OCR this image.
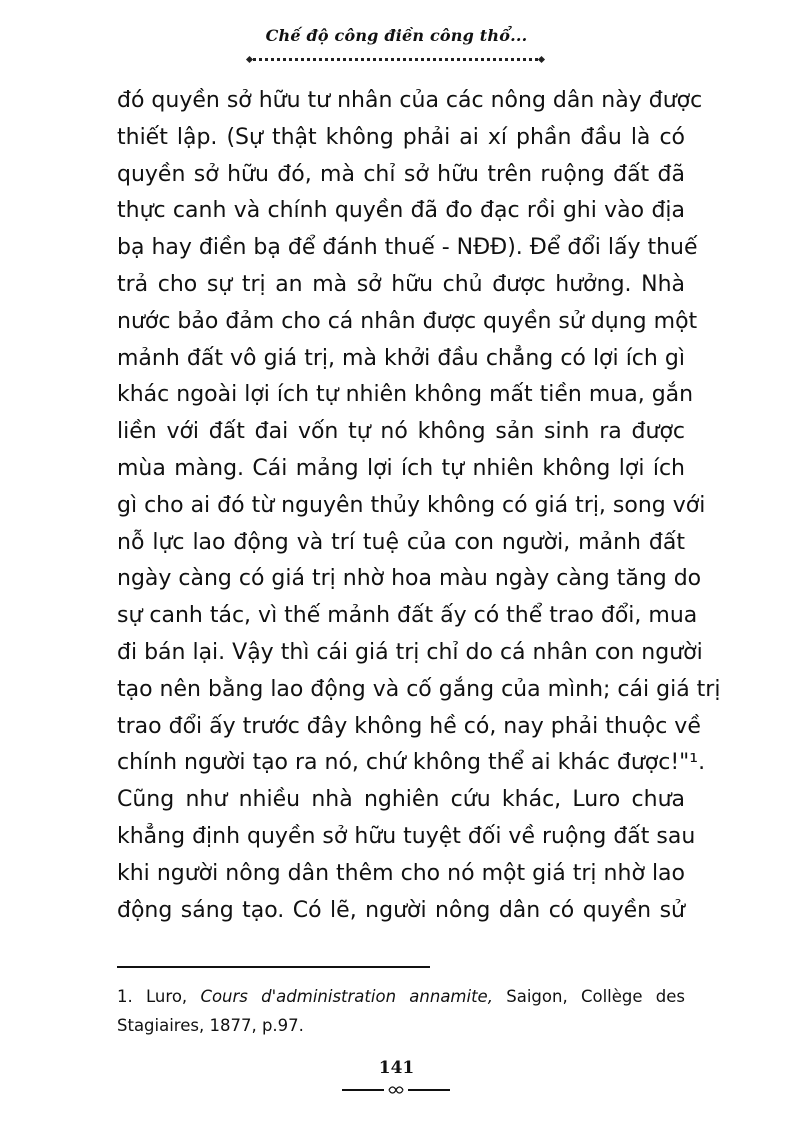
Chế độ công điền công thổ...
đó quyền sở hữu tư nhân của các nông dân này được
thiết lập. (Sự thật không phải ai xí phần đầu là có
quyền sở hữu đó, mà chỉ sở hữu trên ruộng đất đã
thực canh và chính quyền đã đo đạc rồi ghi vào địa
bạ hay điền bạ để đánh thuế - NĐĐ). Để đổi lấy thuế
trả cho sự trị an mà sở hữu chủ được hưởng. Nhà
nước bảo đảm cho cá nhân được quyền sử dụng một
mảnh đất vô giá trị, mà khởi đầu chẳng có lợi ích gì
khác ngoài lợi ích tự nhiên không mất tiền mua, gắn
liền với đất đai vốn tự nó không sản sinh ra được
mùa màng. Cái mảng lợi ích tự nhiên không lợi ích
gì cho ai đó từ nguyên thủy không có giá trị, song với
nỗ lực lao động và trí tuệ của con người, mảnh đất
ngày càng có giá trị nhờ hoa màu ngày càng tăng do
sự canh tác, vì thế mảnh đất ấy có thể trao đổi, mua
đi bán lại. Vậy thì cái giá trị chỉ do cá nhân con người
tạo nên bằng lao động và cố gắng của mình; cái giá trị
trao đổi ấy trước đây không hề có, nay phải thuộc về
chính người tạo ra nó, chứ không thể ai khác được!"¹.
Cũng như nhiều nhà nghiên cứu khác, Luro chưa
khẳng định quyền sở hữu tuyệt đối về ruộng đất sau
khi người nông dân thêm cho nó một giá trị nhờ lao
động sáng tạo. Có lẽ, người nông dân có quyền sử
1. Luro, Cours d'administration annamite, Saigon, Collège des
Stagiaires, 1877, p.97.
141
